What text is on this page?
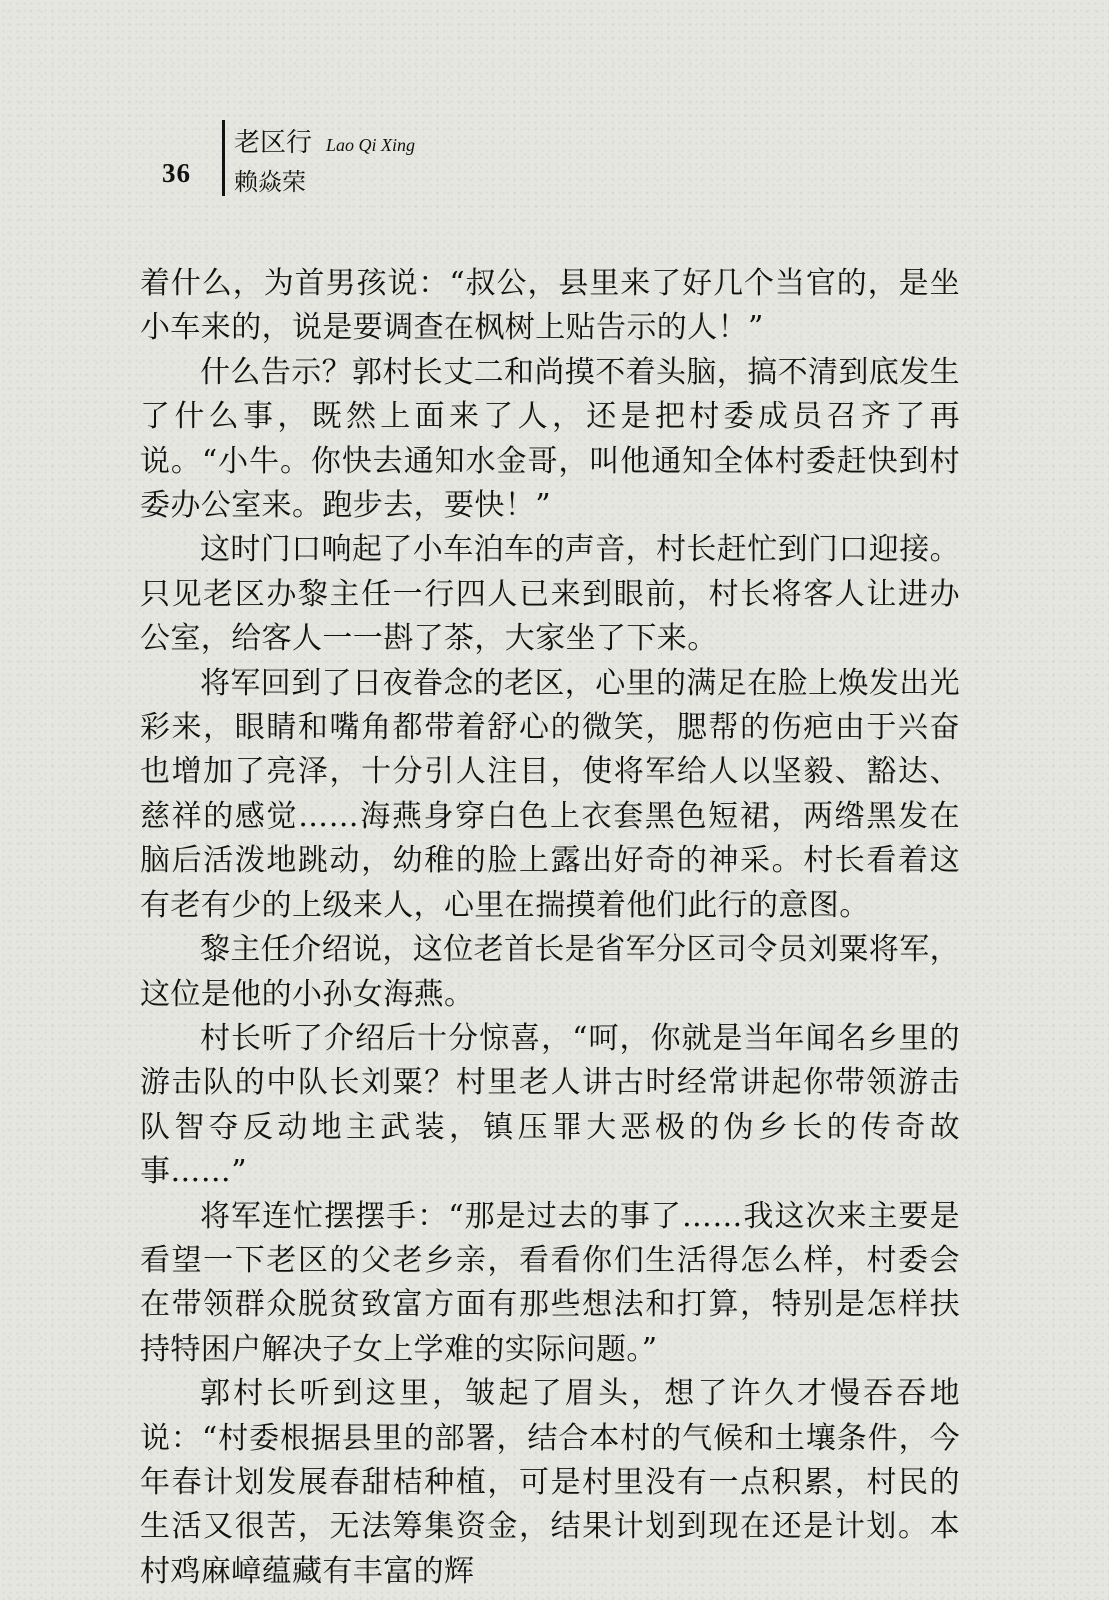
36
老区行 Lao Qi Xing
赖焱荣

着什么，为首男孩说：“叔公，县里来了好几个当官的，是坐小车来的，说是要调查在枫树上贴告示的人！”

什么告示？郭村长丈二和尚摸不着头脑，搞不清到底发生了什么事，既然上面来了人，还是把村委成员召齐了再说。“小牛。你快去通知水金哥，叫他通知全体村委赶快到村委办公室来。跑步去，要快！”

这时门口响起了小车泊车的声音，村长赶忙到门口迎接。只见老区办黎主任一行四人已来到眼前，村长将客人让进办公室，给客人一一斟了茶，大家坐了下来。

将军回到了日夜眷念的老区，心里的满足在脸上焕发出光彩来，眼睛和嘴角都带着舒心的微笑，腮帮的伤疤由于兴奋也增加了亮泽，十分引人注目，使将军给人以坚毅、豁达、慈祥的感觉……海燕身穿白色上衣套黑色短裙，两绺黑发在脑后活泼地跳动，幼稚的脸上露出好奇的神采。村长看着这有老有少的上级来人，心里在揣摸着他们此行的意图。

黎主任介绍说，这位老首长是省军分区司令员刘粟将军，这位是他的小孙女海燕。

村长听了介绍后十分惊喜，“呵，你就是当年闻名乡里的游击队的中队长刘粟？村里老人讲古时经常讲起你带领游击队智夺反动地主武装，镇压罪大恶极的伪乡长的传奇故事……”

将军连忙摆摆手：“那是过去的事了……我这次来主要是看望一下老区的父老乡亲，看看你们生活得怎么样，村委会在带领群众脱贫致富方面有那些想法和打算，特别是怎样扶持特困户解决子女上学难的实际问题。”

郭村长听到这里，皱起了眉头，想了许久才慢吞吞地说：“村委根据县里的部署，结合本村的气候和土壤条件，今年春计划发展春甜桔种植，可是村里没有一点积累，村民的生活又很苦，无法筹集资金，结果计划到现在还是计划。本村鸡麻嶂蕴藏有丰富的辉
